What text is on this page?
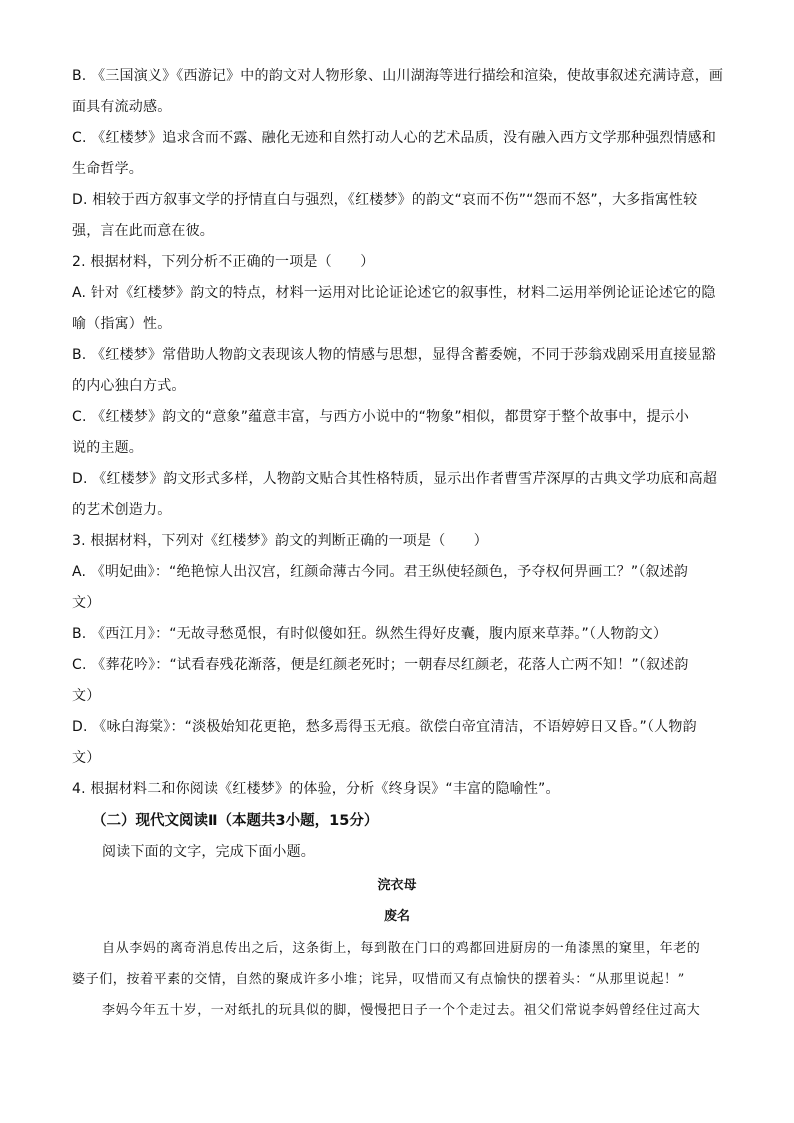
B. 《三国演义》《西游记》中的韵文对人物形象、山川湖海等进行描绘和渲染，使故事叙述充满诗意，画
面具有流动感。
C. 《红楼梦》追求含而不露、融化无迹和自然打动人心的艺术品质，没有融入西方文学那种强烈情感和
生命哲学。
D. 相较于西方叙事文学的抒情直白与强烈，《红楼梦》的韵文“哀而不伤”“怨而不怒”，大多指寓性较
强，言在此而意在彼。
2. 根据材料，下列分析不正确的一项是（　　）
A. 针对《红楼梦》韵文的特点，材料一运用对比论证论述它的叙事性，材料二运用举例论证论述它的隐
喻（指寓）性。
B. 《红楼梦》常借助人物韵文表现该人物的情感与思想，显得含蓄委婉，不同于莎翁戏剧采用直接显豁
的内心独白方式。
C. 《红楼梦》韵文的“意象”蕴意丰富，与西方小说中的“物象”相似，都贯穿于整个故事中，提示小
说的主题。
D. 《红楼梦》韵文形式多样，人物韵文贴合其性格特质，显示出作者曹雪芹深厚的古典文学功底和高超
的艺术创造力。
3. 根据材料，下列对《红楼梦》韵文的判断正确的一项是（　　）
A. 《明妃曲》：“绝艳惊人出汉宫，红颜命薄古今同。君王纵使轻颜色，予夺权何畀画工？”（叙述韵
文）
B. 《西江月》：“无故寻愁觅恨，有时似傻如狂。纵然生得好皮囊，腹内原来草莽。”（人物韵文）
C. 《葬花吟》：“试看春残花渐落，便是红颜老死时；一朝春尽红颜老，花落人亡两不知！”（叙述韵
文）
D. 《咏白海棠》：“淡极始知花更艳，愁多焉得玉无痕。欲偿白帝宜清洁，不语婷婷日又昏。”（人物韵
文）
4. 根据材料二和你阅读《红楼梦》的体验，分析《终身误》“丰富的隐喻性”。
（二）现代文阅读Ⅱ（本题共3小题，15分）
阅读下面的文字，完成下面小题。
浣衣母
废名
自从李妈的离奇消息传出之后，这条街上，每到散在门口的鸡都回进厨房的一角漆黑的窠里，年老的
婆子们，按着平素的交情，自然的聚成许多小堆；诧异，叹惜而又有点愉快的摆着头：“从那里说起！”
李妈今年五十岁，一对纸扎的玩具似的脚，慢慢把日子一个个走过去。祖父们常说李妈曾经住过高大
